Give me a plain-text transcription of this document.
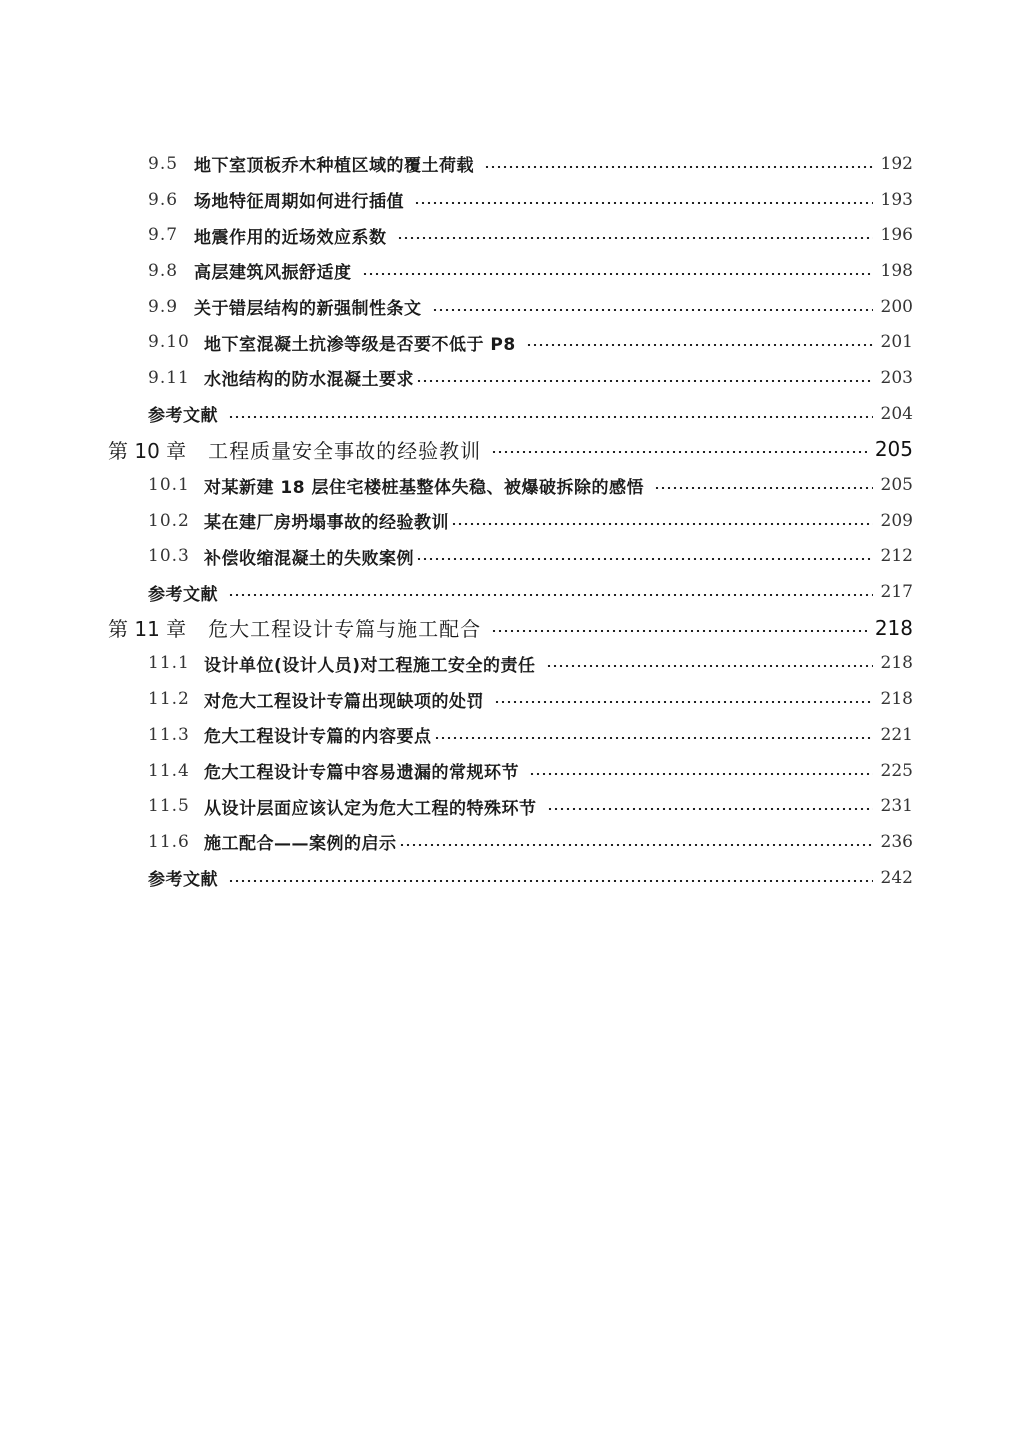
9.5 地下室顶板乔木种植区域的覆土荷载	192
9.6 场地特征周期如何进行插值	193
9.7 地震作用的近场效应系数	196
9.8 高层建筑风振舒适度	198
9.9 关于错层结构的新强制性条文	200
9.10 地下室混凝土抗渗等级是否要不低于 P8	201
9.11 水池结构的防水混凝土要求	203
参考文献	204
第 10 章 工程质量安全事故的经验教训	205
10.1 对某新建 18 层住宅楼桩基整体失稳、被爆破拆除的感悟	205
10.2 某在建厂房坍塌事故的经验教训	209
10.3 补偿收缩混凝土的失败案例	212
参考文献	217
第 11 章 危大工程设计专篇与施工配合	218
11.1 设计单位(设计人员)对工程施工安全的责任	218
11.2 对危大工程设计专篇出现缺项的处罚	218
11.3 危大工程设计专篇的内容要点	221
11.4 危大工程设计专篇中容易遗漏的常规环节	225
11.5 从设计层面应该认定为危大工程的特殊环节	231
11.6 施工配合——案例的启示	236
参考文献	242
